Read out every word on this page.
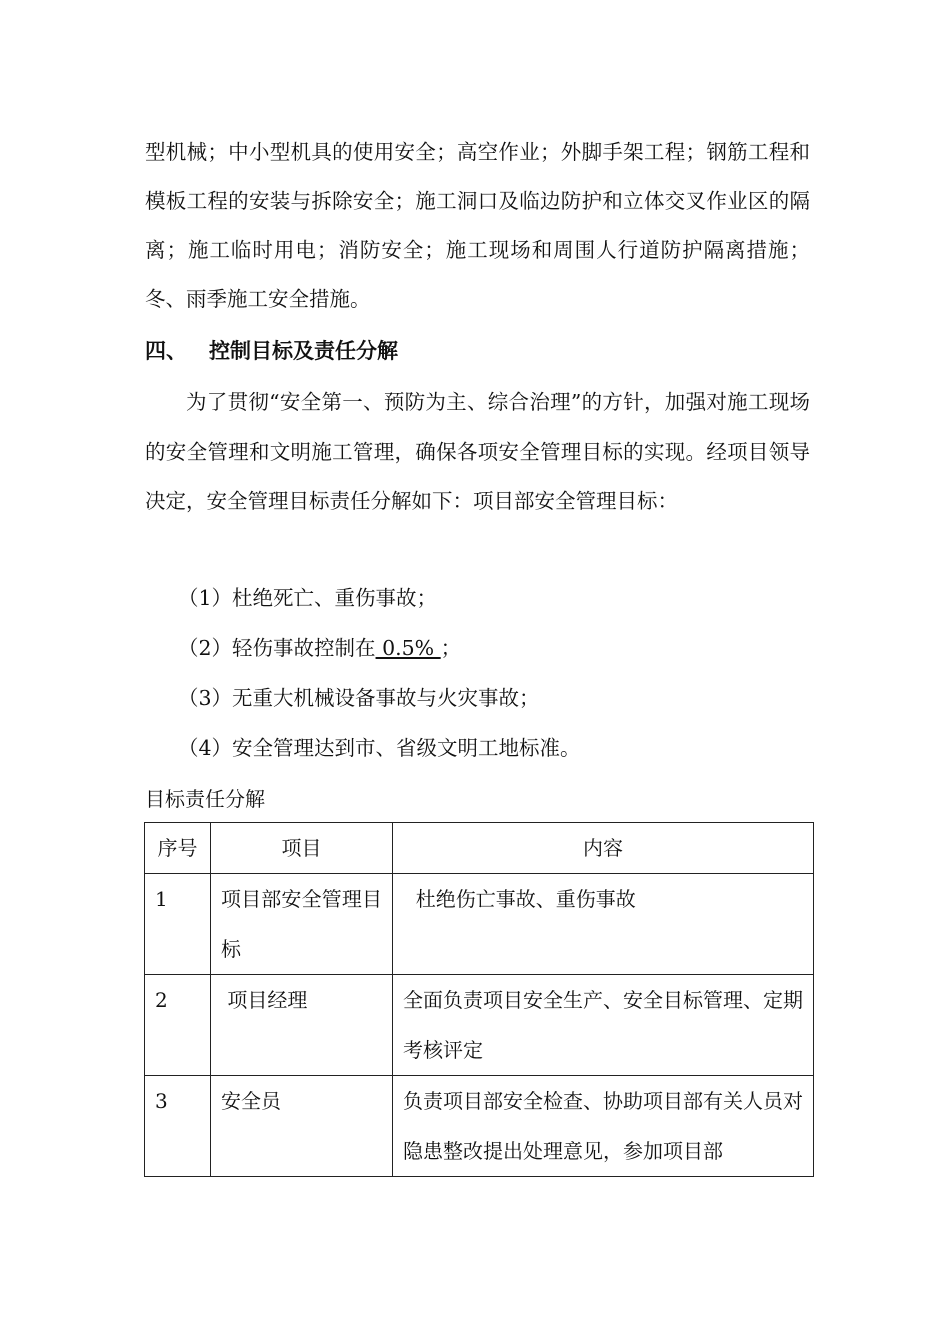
型机械；中小型机具的使用安全；高空作业；外脚手架工程；钢筋工程和模板工程的安装与拆除安全；施工洞口及临边防护和立体交叉作业区的隔离；施工临时用电；消防安全；施工现场和周围人行道防护隔离措施；冬、雨季施工安全措施。

四、 控制目标及责任分解

为了贯彻“安全第一、预防为主、综合治理”的方针，加强对施工现场的安全管理和文明施工管理，确保各项安全管理目标的实现。经项目领导决定，安全管理目标责任分解如下：项目部安全管理目标：

（1）杜绝死亡、重伤事故；

（2）轻伤事故控制在 0.5% ；

（3）无重大机械设备事故与火灾事故；

（4）安全管理达到市、省级文明工地标准。

目标责任分解

序号	项目	内容
1	项目部安全管理目标	杜绝伤亡事故、重伤事故
2	项目经理	全面负责项目安全生产、安全目标管理、定期考核评定
3	安全员	负责项目部安全检查、协助项目部有关人员对隐患整改提出处理意见，参加项目部
